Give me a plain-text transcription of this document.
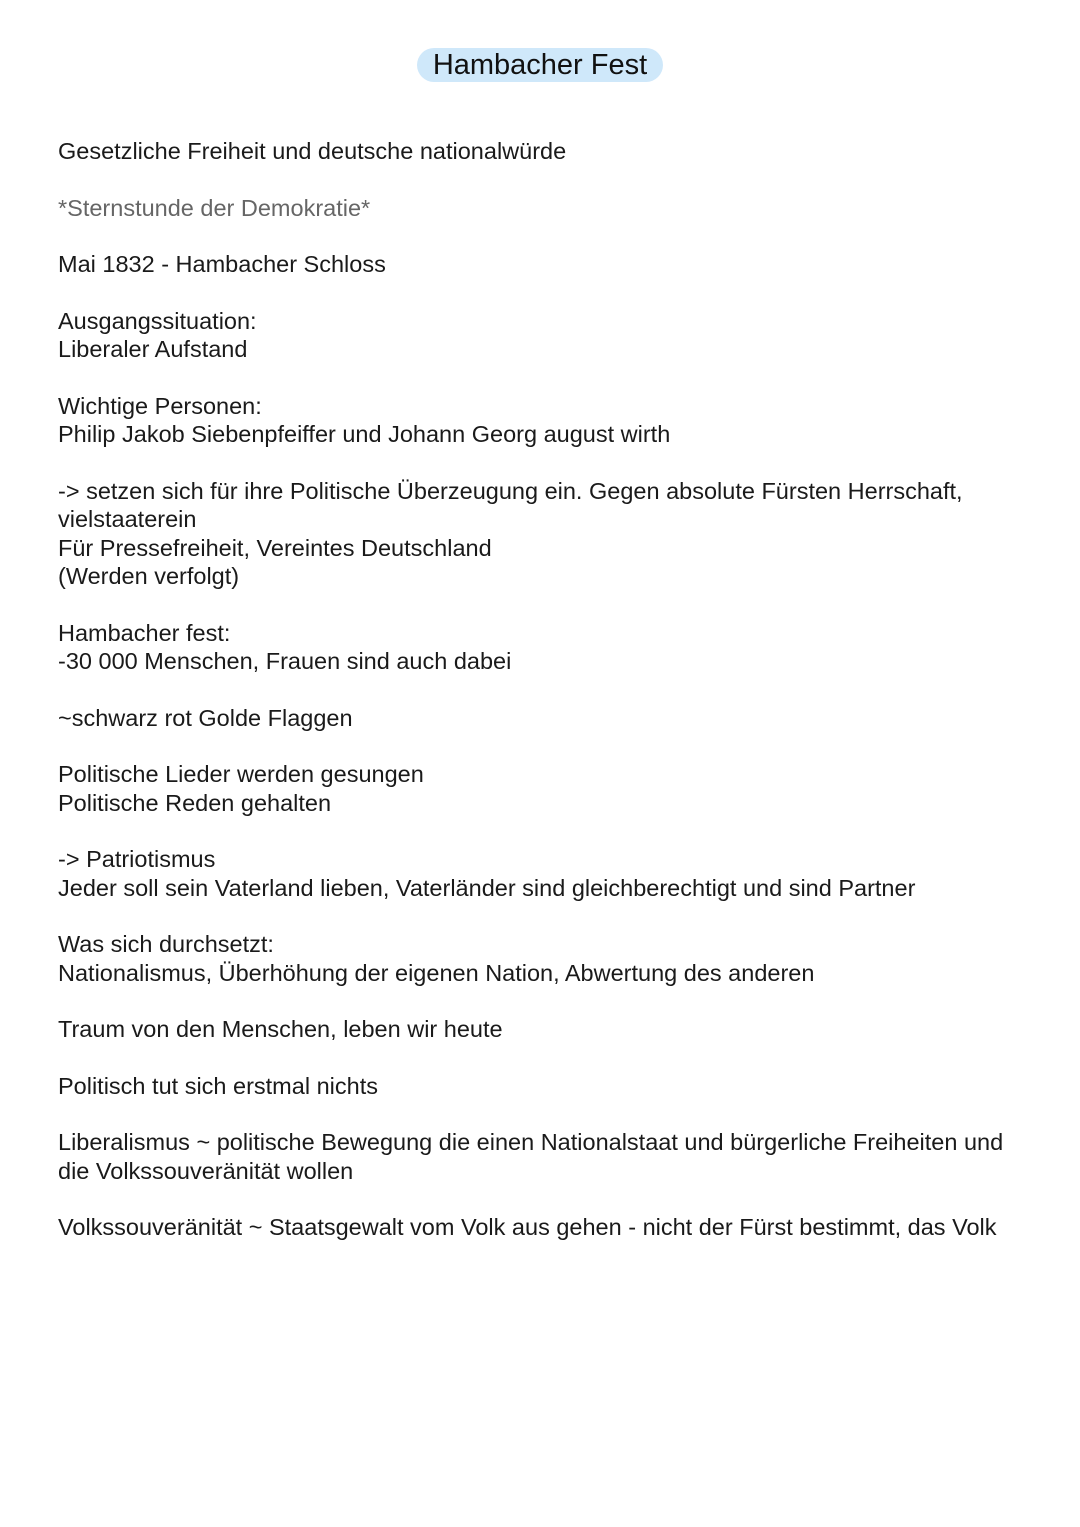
Hambacher Fest
Gesetzliche Freiheit und deutsche nationalwürde
*Sternstunde der Demokratie*
Mai 1832 - Hambacher Schloss
Ausgangssituation:
Liberaler Aufstand
Wichtige Personen:
Philip Jakob Siebenpfeiffer und Johann Georg august wirth
-> setzen sich für ihre Politische Überzeugung ein. Gegen absolute Fürsten Herrschaft, vielstaaterein
Für Pressefreiheit, Vereintes Deutschland
(Werden verfolgt)
Hambacher fest:
-30 000 Menschen, Frauen sind auch dabei
~schwarz rot Golde Flaggen
Politische Lieder werden gesungen
Politische Reden gehalten
-> Patriotismus
Jeder soll sein Vaterland lieben, Vaterländer sind gleichberechtigt und sind Partner
Was sich durchsetzt:
Nationalismus, Überhöhung der eigenen Nation, Abwertung des anderen
Traum von den Menschen, leben wir heute
Politisch tut sich erstmal nichts
Liberalismus ~ politische Bewegung die einen Nationalstaat und bürgerliche Freiheiten und die Volkssouveränität wollen
Volkssouveränität ~ Staatsgewalt vom Volk aus gehen - nicht der Fürst bestimmt, das Volk
